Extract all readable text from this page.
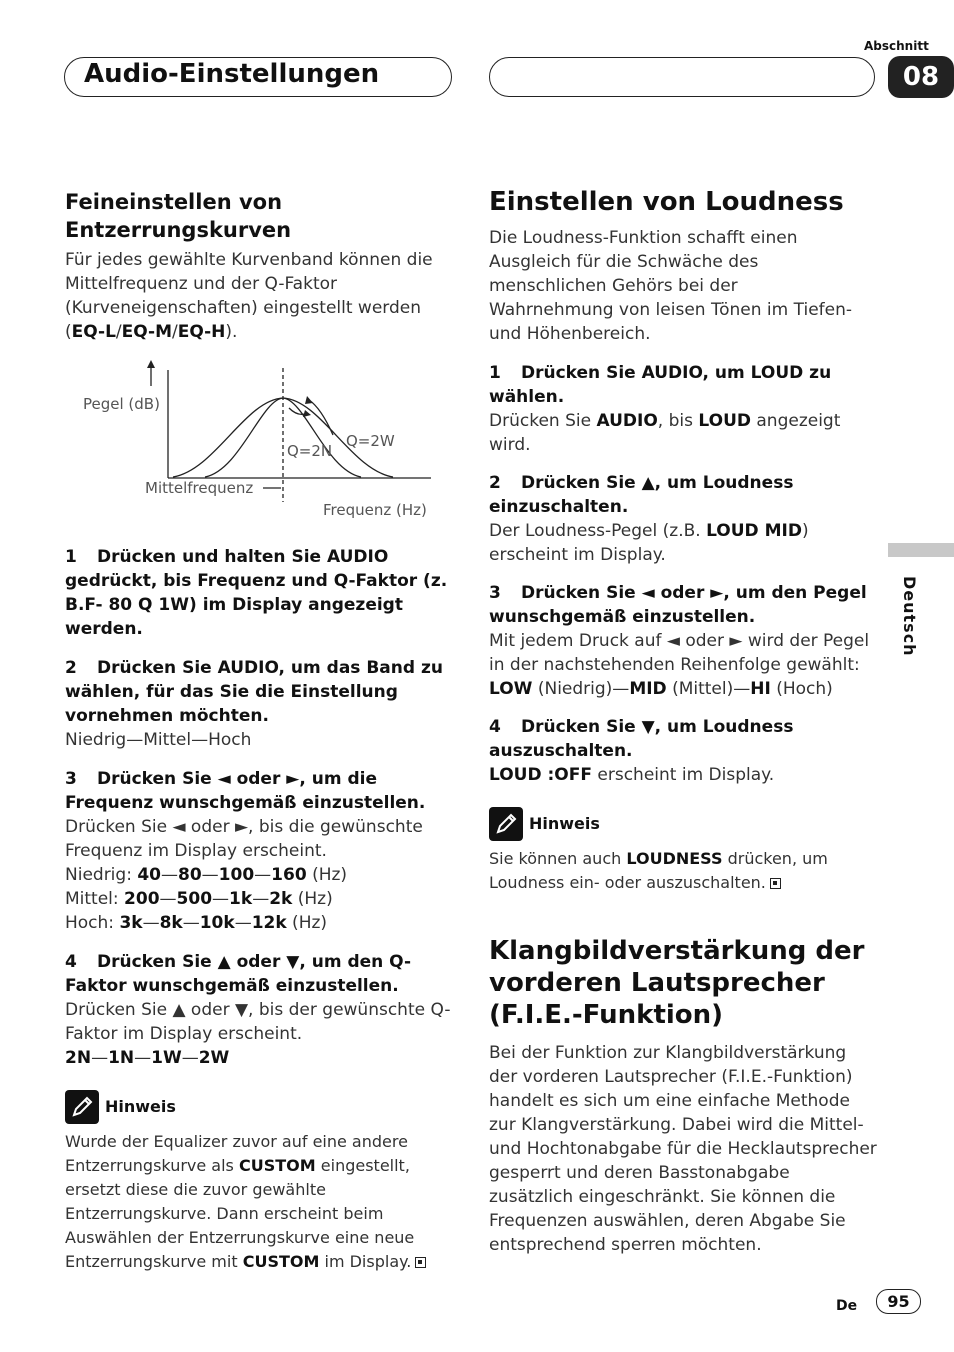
Audio-Einstellungen
Abschnitt
08
Deutsch
Feineinstellen von Entzerrungskurven

Für jedes gewählte Kurvenband können die Mittelfrequenz und der Q-Faktor (Kurveneigenschaften) eingestellt werden (EQ-L/EQ-M/EQ-H).

Pegel (dB)
Q=2N
Q=2W
Mittelfrequenz
Frequenz (Hz)

1 Drücken und halten Sie AUDIO gedrückt, bis Frequenz und Q-Faktor (z. B.F- 80 Q 1W) im Display angezeigt werden.

2 Drücken Sie AUDIO, um das Band zu wählen, für das Sie die Einstellung vornehmen möchten.

Niedrig—Mittel—Hoch

3 Drücken Sie ◄ oder ►, um die Frequenz wunschgemäß einzustellen.

Drücken Sie ◄ oder ►, bis die gewünschte Frequenz im Display erscheint.

Niedrig: 40—80—100—160 (Hz)

Mittel: 200—500—1k—2k (Hz)

Hoch: 3k—8k—10k—12k (Hz)

4 Drücken Sie ▲ oder ▼, um den Q-Faktor wunschgemäß einzustellen.

Drücken Sie ▲ oder ▼, bis der gewünschte Q-Faktor im Display erscheint.

2N—1N—1W—2W

Hinweis

Wurde der Equalizer zuvor auf eine andere Entzerrungskurve als CUSTOM eingestellt, ersetzt diese die zuvor gewählte Entzerrungskurve. Dann erscheint beim Auswählen der Entzerrungskurve eine neue Entzerrungskurve mit CUSTOM im Display.

Einstellen von Loudness

Die Loudness-Funktion schafft einen Ausgleich für die Schwäche des menschlichen Gehörs bei der Wahrnehmung von leisen Tönen im Tiefen- und Höhenbereich.

1 Drücken Sie AUDIO, um LOUD zu wählen.

Drücken Sie AUDIO, bis LOUD angezeigt wird.

2 Drücken Sie ▲, um Loudness einzuschalten.

Der Loudness-Pegel (z.B. LOUD MID) erscheint im Display.

3 Drücken Sie ◄ oder ►, um den Pegel wunschgemäß einzustellen.

Mit jedem Druck auf ◄ oder ► wird der Pegel in der nachstehenden Reihenfolge gewählt:

LOW (Niedrig)—MID (Mittel)—HI (Hoch)

4 Drücken Sie ▼, um Loudness auszuschalten.

LOUD :OFF erscheint im Display.

Hinweis

Sie können auch LOUDNESS drücken, um Loudness ein- oder auszuschalten.

Klangbildverstärkung der vorderen Lautsprecher (F.I.E.-Funktion)

Bei der Funktion zur Klangbildverstärkung der vorderen Lautsprecher (F.I.E.-Funktion) handelt es sich um eine einfache Methode zur Klangverstärkung. Dabei wird die Mittel- und Hochtonabgabe für die Hecklautsprecher gesperrt und deren Basstonabgabe zusätzlich eingeschränkt. Sie können die Frequenzen auswählen, deren Abgabe Sie entsprechend sperren möchten.

De	95
